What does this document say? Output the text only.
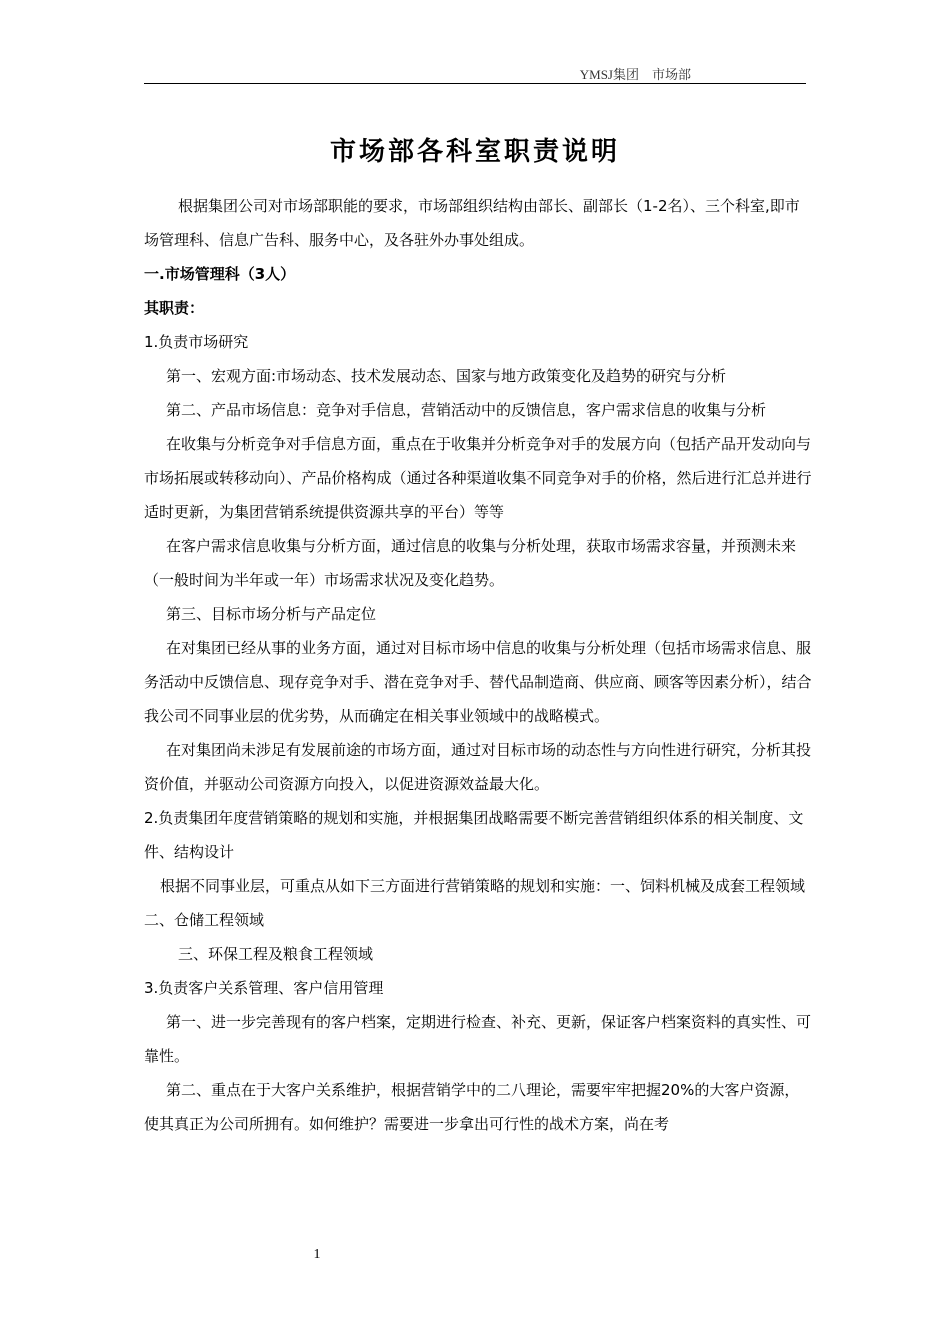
YMSJ集团　市场部
市场部各科室职责说明

根据集团公司对市场部职能的要求，市场部组织结构由部长、副部长（1-2名）、三个科室,即市场管理科、信息广告科、服务中心，及各驻外办事处组成。

一.市场管理科（3人）

其职责：

1.负责市场研究

第一、宏观方面:市场动态、技术发展动态、国家与地方政策变化及趋势的研究与分析

第二、产品市场信息：竞争对手信息，营销活动中的反馈信息，客户需求信息的收集与分析

在收集与分析竞争对手信息方面，重点在于收集并分析竞争对手的发展方向（包括产品开发动向与市场拓展或转移动向）、产品价格构成（通过各种渠道收集不同竞争对手的价格，然后进行汇总并进行适时更新，为集团营销系统提供资源共享的平台）等等

在客户需求信息收集与分析方面，通过信息的收集与分析处理，获取市场需求容量，并预测未来（一般时间为半年或一年）市场需求状况及变化趋势。

第三、目标市场分析与产品定位

在对集团已经从事的业务方面，通过对目标市场中信息的收集与分析处理（包括市场需求信息、服务活动中反馈信息、现存竞争对手、潜在竞争对手、替代品制造商、供应商、顾客等因素分析），结合我公司不同事业层的优劣势，从而确定在相关事业领域中的战略模式。

在对集团尚未涉足有发展前途的市场方面，通过对目标市场的动态性与方向性进行研究，分析其投资价值，并驱动公司资源方向投入，以促进资源效益最大化。

2.负责集团年度营销策略的规划和实施，并根据集团战略需要不断完善营销组织体系的相关制度、文件、结构设计

根据不同事业层，可重点从如下三方面进行营销策略的规划和实施：一、饲料机械及成套工程领域　　二、仓储工程领域

三、环保工程及粮食工程领域

3.负责客户关系管理、客户信用管理

第一、进一步完善现有的客户档案，定期进行检查、补充、更新，保证客户档案资料的真实性、可靠性。

第二、重点在于大客户关系维护，根据营销学中的二八理论，需要牢牢把握20%的大客户资源，使其真正为公司所拥有。如何维护？需要进一步拿出可行性的战术方案，尚在考

1
